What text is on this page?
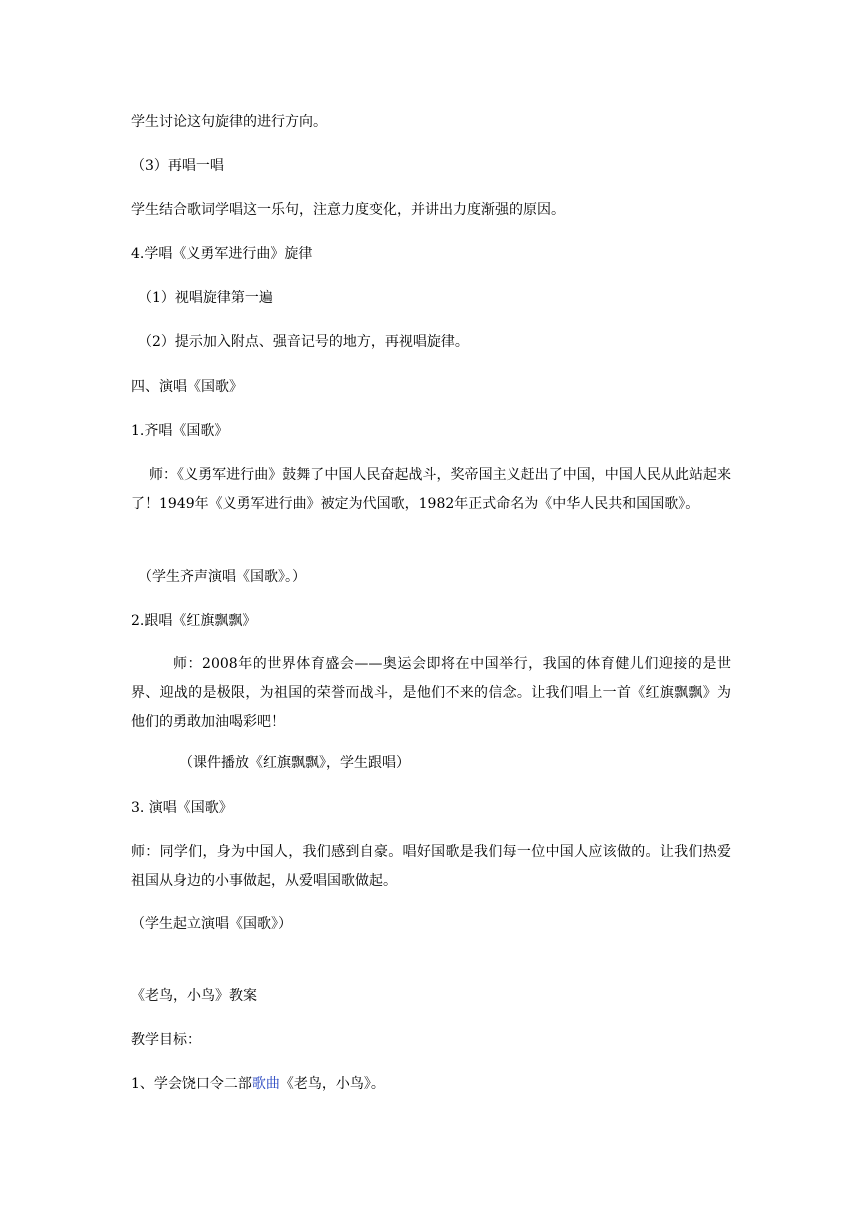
学生讨论这句旋律的进行方向。
（3）再唱一唱
学生结合歌词学唱这一乐句，注意力度变化，并讲出力度渐强的原因。
4.学唱《义勇军进行曲》旋律
（1）视唱旋律第一遍
（2）提示加入附点、强音记号的地方，再视唱旋律。
四、演唱《国歌》
1.齐唱《国歌》
师：《义勇军进行曲》鼓舞了中国人民奋起战斗，奖帝国主义赶出了中国，中国人民从此站起来了！1949年《义勇军进行曲》被定为代国歌，1982年正式命名为《中华人民共和国国歌》。
（学生齐声演唱《国歌》。）
2.跟唱《红旗飘飘》
师：2008年的世界体育盛会——奥运会即将在中国举行，我国的体育健儿们迎接的是世界、迎战的是极限，为祖国的荣誉而战斗，是他们不来的信念。让我们唱上一首《红旗飘飘》为他们的勇敢加油喝彩吧！
（课件播放《红旗飘飘》，学生跟唱）
3. 演唱《国歌》
师：同学们，身为中国人，我们感到自豪。唱好国歌是我们每一位中国人应该做的。让我们热爱祖国从身边的小事做起，从爱唱国歌做起。
（学生起立演唱《国歌》）
《老鸟，小鸟》教案
教学目标：
1、学会饶口令二部歌曲《老鸟，小鸟》。
